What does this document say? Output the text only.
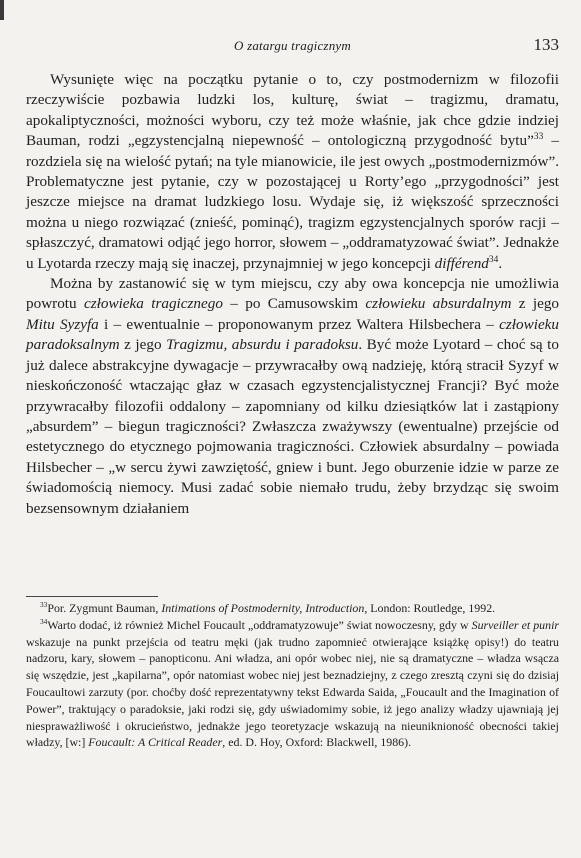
O zatargu tragicznym	133

Wysunięte więc na początku pytanie o to, czy postmodernizm w filozofii rzeczywiście pozbawia ludzki los, kulturę, świat – tragizmu, dramatu, apokaliptyczności, możności wyboru, czy też może właśnie, jak chce gdzie indziej Bauman, rodzi „egzystencjalną niepewność – ontologiczną przygodność bytu”$^{33}$ – rozdziela się na wielość pytań; na tyle mianowicie, ile jest owych „postmodernizmów”. Problematyczne jest pytanie, czy w pozostającej u Rorty’ego „przygodności” jest jeszcze miejsce na dramat ludzkiego losu. Wydaje się, iż większość sprzeczności można u niego rozwiązać (znieść, pominąć), tragizm egzystencjalnych sporów racji – spłaszczyć, dramatowi odjąć jego horror, słowem – „oddramatyzować świat”. Jednakże u Lyotarda rzeczy mają się inaczej, przynajmniej w jego koncepcji différend$^{34}$.

Można by zastanowić się w tym miejscu, czy aby owa koncepcja nie umożliwia powrotu człowieka tragicznego – po Camusowskim człowieku absurdalnym z jego Mitu Syzyfa i – ewentualnie – proponowanym przez Waltera Hilsbechera – człowieku paradoksalnym z jego Tragizmu, absurdu i paradoksu. Być może Lyotard – choć są to już dalece abstrakcyjne dywagacje – przywracałby ową nadzieję, którą stracił Syzyf w nieskończoność wtaczając głaz w czasach egzystencjalistycznej Francji? Być może przywracałby filozofii oddalony – zapomniany od kilku dziesiątków lat i zastąpiony „absurdem” – biegun tragiczności? Zwłaszcza zważywszy (ewentualne) przejście od estetycznego do etycznego pojmowania tragiczności. Człowiek absurdalny – powiada Hilsbecher – „w sercu żywi zawziętość, gniew i bunt. Jego oburzenie idzie w parze ze świadomością niemocy. Musi zadać sobie niemało trudu, żeby brzydząc się swoim bezsensownym działaniem

$^{33}$Por. Zygmunt Bauman, Intimations of Postmodernity, Introduction, London: Routledge, 1992.

$^{34}$Warto dodać, iż również Michel Foucault „oddramatyzowuje” świat nowoczesny, gdy w Surveiller et punir wskazuje na punkt przejścia od teatru męki (jak trudno zapomnieć otwierające książkę opisy!) do teatru nadzoru, kary, słowem – panopticonu. Ani władza, ani opór wobec niej, nie są dramatyczne – władza wsącza się wszędzie, jest „kapilarna”, opór natomiast wobec niej jest beznadziejny, z czego zresztą czyni się do dzisiaj Foucaultowi zarzuty (por. choćby dość reprezentatywny tekst Edwarda Saida, „Foucault and the Imagination of Power”, traktujący o paradoksie, jaki rodzi się, gdy uświadomimy sobie, iż jego analizy władzy ujawniają jej niespraważliwość i okrucieństwo, jednakże jego teoretyzacje wskazują na nieuniknioność obecności takiej władzy, [w:] Foucault: A Critical Reader, ed. D. Hoy, Oxford: Blackwell, 1986).
